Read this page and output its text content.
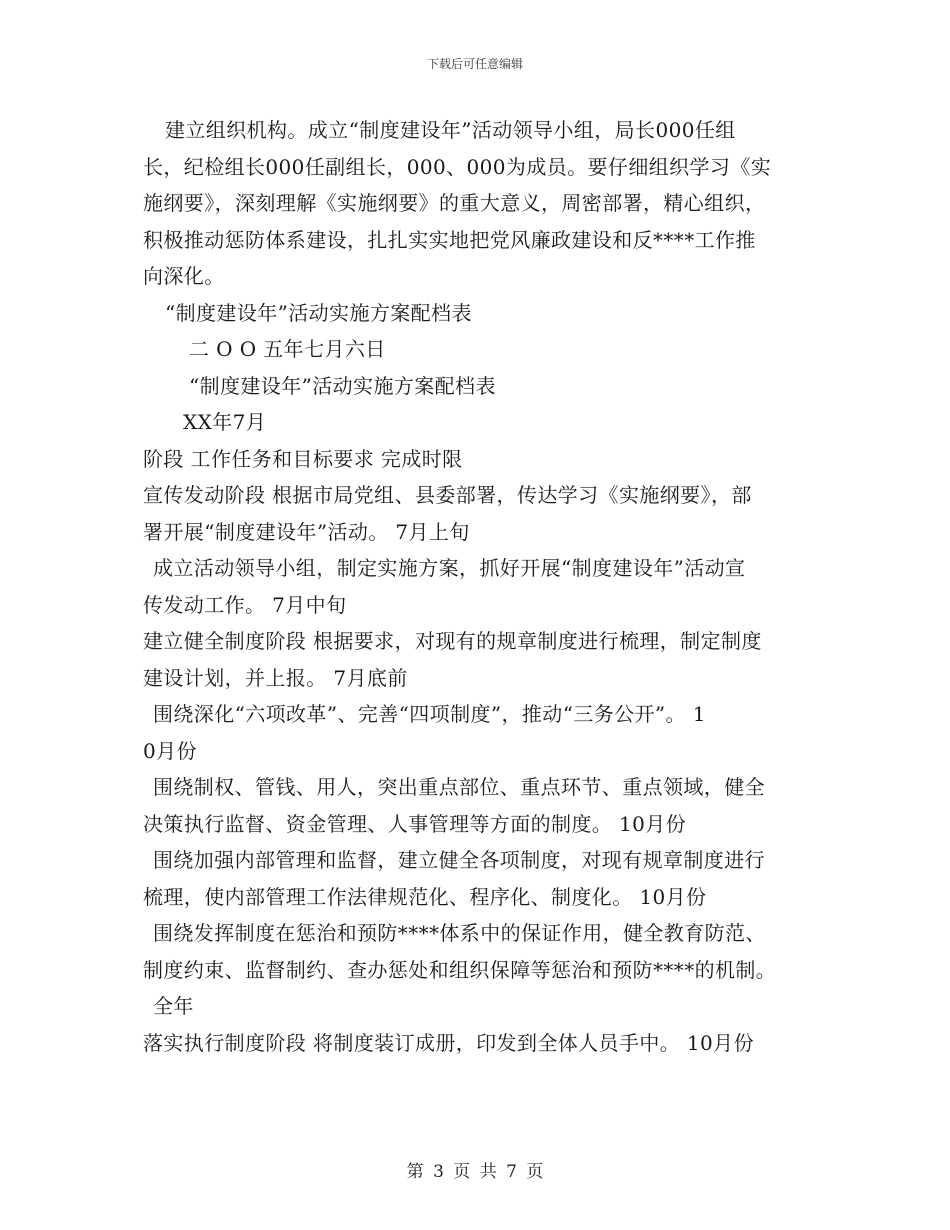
下载后可任意编辑
建立组织机构。成立“制度建设年”活动领导小组，局长000任组
长，纪检组长000任副组长，000、000为成员。要仔细组织学习《实
施纲要》，深刻理解《实施纲要》的重大意义，周密部署，精心组织，
积极推动惩防体系建设，扎扎实实地把党风廉政建设和反****工作推
向深化。
“制度建设年”活动实施方案配档表
二 O O 五年七月六日
“制度建设年”活动实施方案配档表
XX年7月
阶段 工作任务和目标要求 完成时限
宣传发动阶段 根据市局党组、县委部署，传达学习《实施纲要》，部
署开展“制度建设年”活动。 7月上旬
成立活动领导小组，制定实施方案，抓好开展“制度建设年”活动宣
传发动工作。 7月中旬
建立健全制度阶段 根据要求，对现有的规章制度进行梳理，制定制度
建设计划，并上报。 7月底前
围绕深化“六项改革”、完善“四项制度”，推动“三务公开”。 1
0月份
围绕制权、管钱、用人，突出重点部位、重点环节、重点领域，健全
决策执行监督、资金管理、人事管理等方面的制度。 10月份
围绕加强内部管理和监督，建立健全各项制度，对现有规章制度进行
梳理，使内部管理工作法律规范化、程序化、制度化。 10月份
围绕发挥制度在惩治和预防****体系中的保证作用，健全教育防范、
制度约束、监督制约、查办惩处和组织保障等惩治和预防****的机制。
全年
落实执行制度阶段 将制度装订成册，印发到全体人员手中。 10月份
第 3 页 共 7 页
